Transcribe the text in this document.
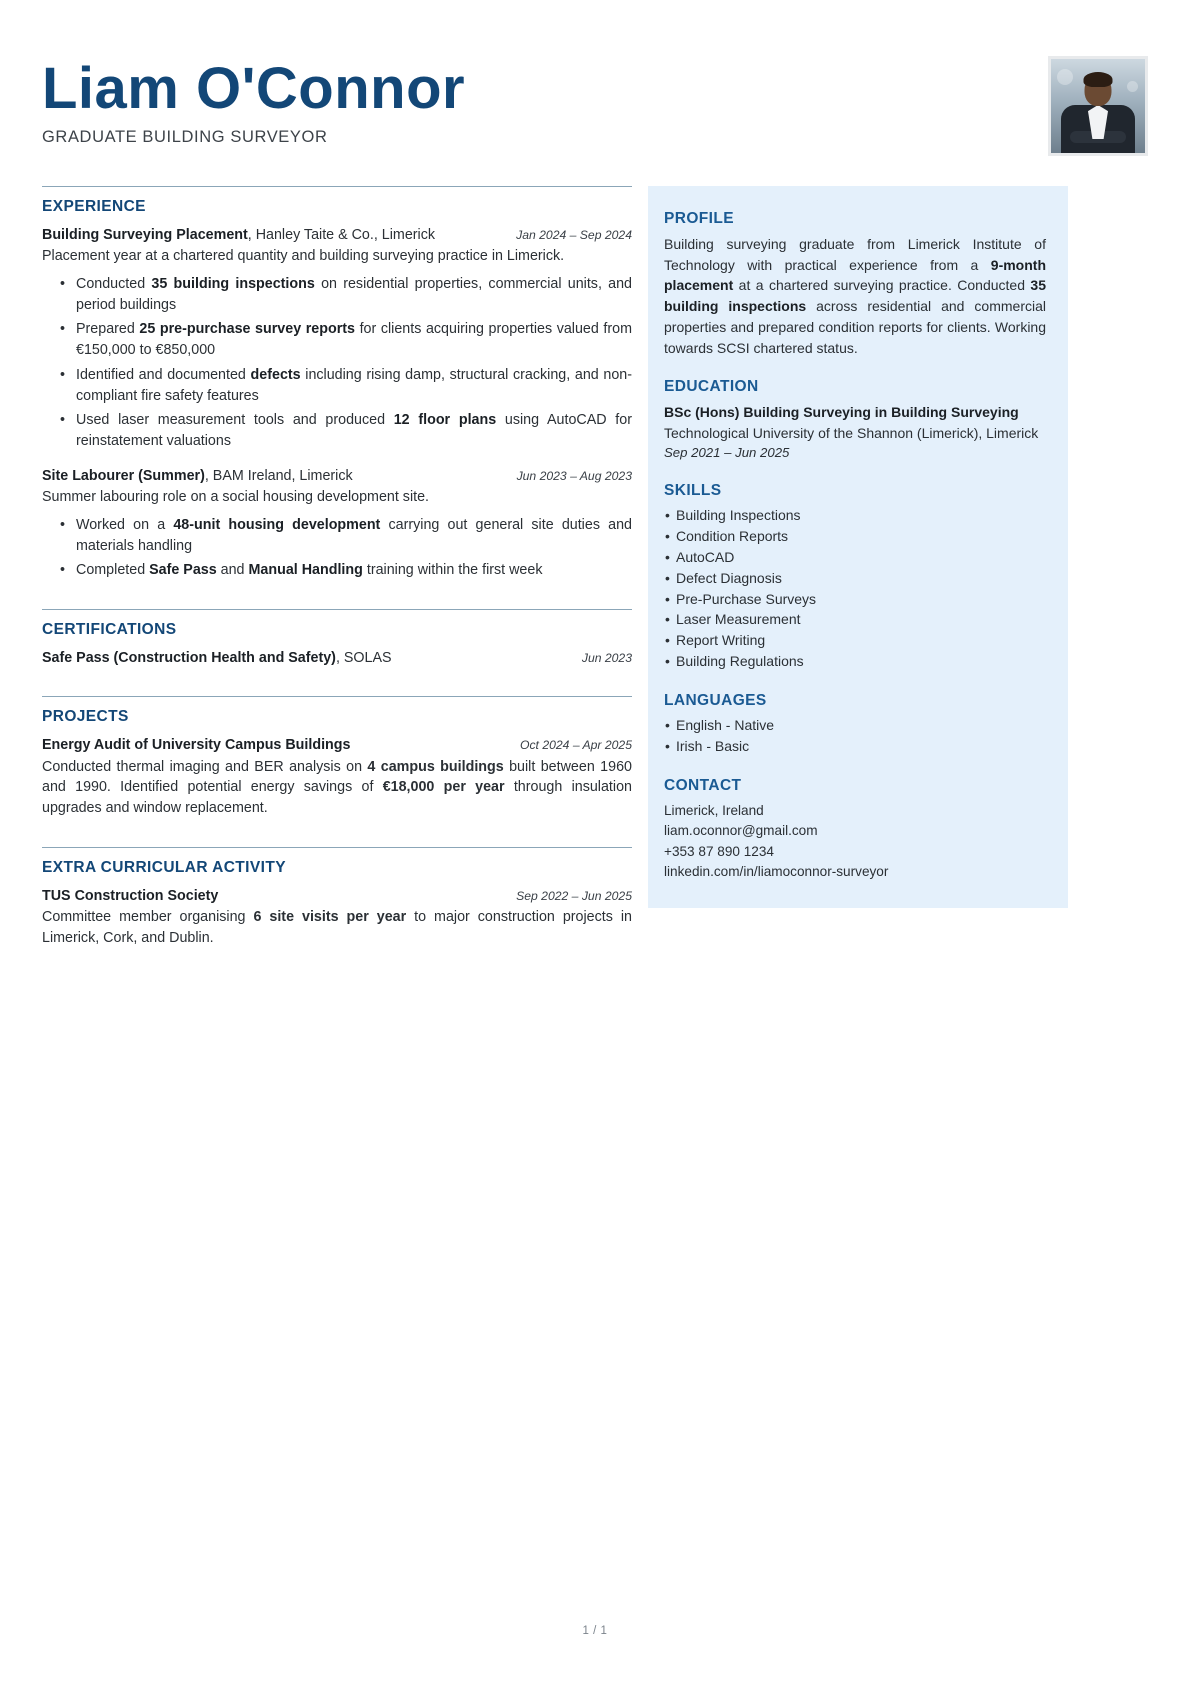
Liam O'Connor
GRADUATE BUILDING SURVEYOR
EXPERIENCE
Building Surveying Placement, Hanley Taite & Co., Limerick	Jan 2024 – Sep 2024
Placement year at a chartered quantity and building surveying practice in Limerick.
• Conducted 35 building inspections on residential properties, commercial units, and period buildings
• Prepared 25 pre-purchase survey reports for clients acquiring properties valued from €150,000 to €850,000
• Identified and documented defects including rising damp, structural cracking, and non-compliant fire safety features
• Used laser measurement tools and produced 12 floor plans using AutoCAD for reinstatement valuations
Site Labourer (Summer), BAM Ireland, Limerick	Jun 2023 – Aug 2023
Summer labouring role on a social housing development site.
• Worked on a 48-unit housing development carrying out general site duties and materials handling
• Completed Safe Pass and Manual Handling training within the first week
CERTIFICATIONS
Safe Pass (Construction Health and Safety), SOLAS	Jun 2023
PROJECTS
Energy Audit of University Campus Buildings	Oct 2024 – Apr 2025
Conducted thermal imaging and BER analysis on 4 campus buildings built between 1960 and 1990. Identified potential energy savings of €18,000 per year through insulation upgrades and window replacement.
EXTRA CURRICULAR ACTIVITY
TUS Construction Society	Sep 2022 – Jun 2025
Committee member organising 6 site visits per year to major construction projects in Limerick, Cork, and Dublin.
PROFILE
Building surveying graduate from Limerick Institute of Technology with practical experience from a 9-month placement at a chartered surveying practice. Conducted 35 building inspections across residential and commercial properties and prepared condition reports for clients. Working towards SCSI chartered status.
EDUCATION
BSc (Hons) Building Surveying in Building Surveying
Technological University of the Shannon (Limerick), Limerick
Sep 2021 – Jun 2025
SKILLS
• Building Inspections
• Condition Reports
• AutoCAD
• Defect Diagnosis
• Pre-Purchase Surveys
• Laser Measurement
• Report Writing
• Building Regulations
LANGUAGES
• English - Native
• Irish - Basic
CONTACT
Limerick, Ireland
liam.oconnor@gmail.com
+353 87 890 1234
linkedin.com/in/liamoconnor-surveyor
1 / 1
